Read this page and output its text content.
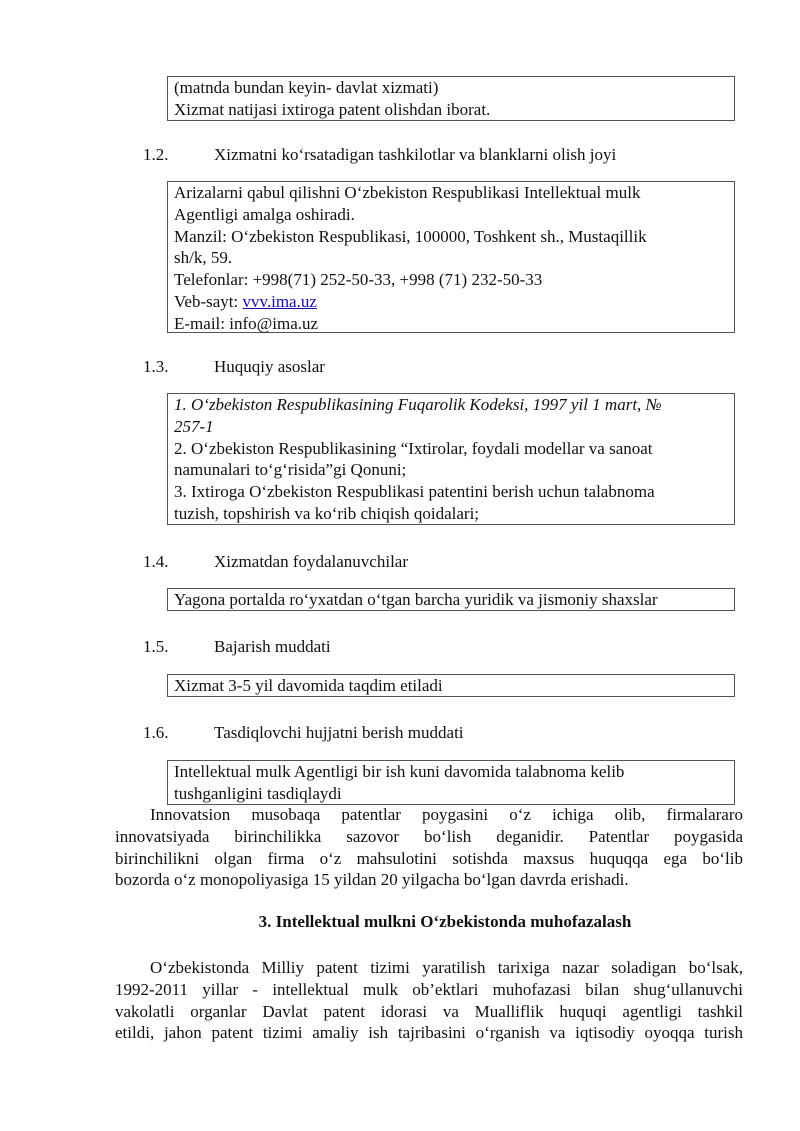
(matnda bundan keyin- davlat xizmati)
Xizmat natijasi ixtiroga patent olishdan iborat.
1.2.	Xizmatni ko‘rsatadigan tashkilotlar va blanklarni olish joyi
Arizalarni qabul qilishni O‘zbekiston Respublikasi Intellektual mulk
Agentligi amalga oshiradi.
Manzil: O‘zbekiston Respublikasi, 100000, Toshkent sh., Mustaqillik
sh/k, 59.
Telefonlar: +998(71) 252-50-33, +998 (71) 232-50-33
Veb-sayt: vvv.ima.uz
E-mail: info@ima.uz
1.3.	Huquqiy asoslar
1. O‘zbekiston Respublikasining Fuqarolik Kodeksi, 1997 yil 1 mart, №
257-1
2. O‘zbekiston Respublikasining “Ixtirolar, foydali modellar va sanoat
namunalari to‘g‘risida”gi Qonuni;
3. Ixtiroga O‘zbekiston Respublikasi patentini berish uchun talabnoma
tuzish, topshirish va ko‘rib chiqish qoidalari;
1.4.	Xizmatdan foydalanuvchilar
Yagona portalda ro‘yxatdan o‘tgan barcha yuridik va jismoniy shaxslar
1.5.	Bajarish muddati
Xizmat 3-5 yil davomida taqdim etiladi
1.6.	Tasdiqlovchi hujjatni berish muddati
Intellektual mulk Agentligi bir ish kuni davomida talabnoma kelib
tushganligini tasdiqlaydi
Innovatsion musobaqa patentlar poygasini o‘z ichiga olib, firmalararo
innovatsiyada birinchilikka sazovor bo‘lish deganidir. Patentlar poygasida
birinchilikni olgan firma o‘z mahsulotini sotishda maxsus huquqqa ega bo‘lib
bozorda o‘z monopoliyasiga 15 yildan 20 yilgacha bo‘lgan davrda erishadi.
3. Intellektual mulkni O‘zbekistonda muhofazalash
O‘zbekistonda Milliy patent tizimi yaratilish tarixiga nazar soladigan bo‘lsak,
1992-2011 yillar - intellektual mulk ob’ektlari muhofazasi bilan shug‘ullanuvchi
vakolatli organlar Davlat patent idorasi va Mualliflik huquqi agentligi tashkil
etildi, jahon patent tizimi amaliy ish tajribasini o‘rganish va iqtisodiy oyoqqa turish
